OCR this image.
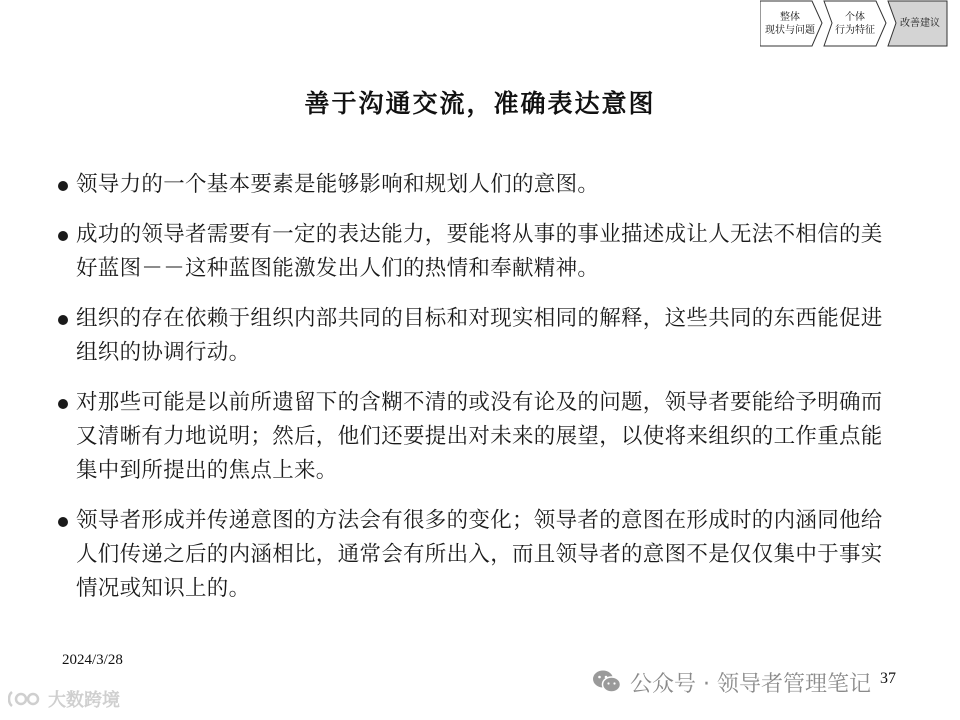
整体
现状与问题
个体
行为特征
改善建议
善于沟通交流，准确表达意图
领导力的一个基本要素是能够影响和规划人们的意图。
成功的领导者需要有一定的表达能力，要能将从事的事业描述成让人无法不相信的美好蓝图－－这种蓝图能激发出人们的热情和奉献精神。
组织的存在依赖于组织内部共同的目标和对现实相同的解释，这些共同的东西能促进组织的协调行动。
对那些可能是以前所遗留下的含糊不清的或没有论及的问题，领导者要能给予明确而又清晰有力地说明；然后，他们还要提出对未来的展望，以使将来组织的工作重点能集中到所提出的焦点上来。
领导者形成并传递意图的方法会有很多的变化；领导者的意图在形成时的内涵同他给人们传递之后的内涵相比，通常会有所出入，而且领导者的意图不是仅仅集中于事实情况或知识上的。
2024/3/28
公众号 · 领导者管理笔记 37
大数跨境
